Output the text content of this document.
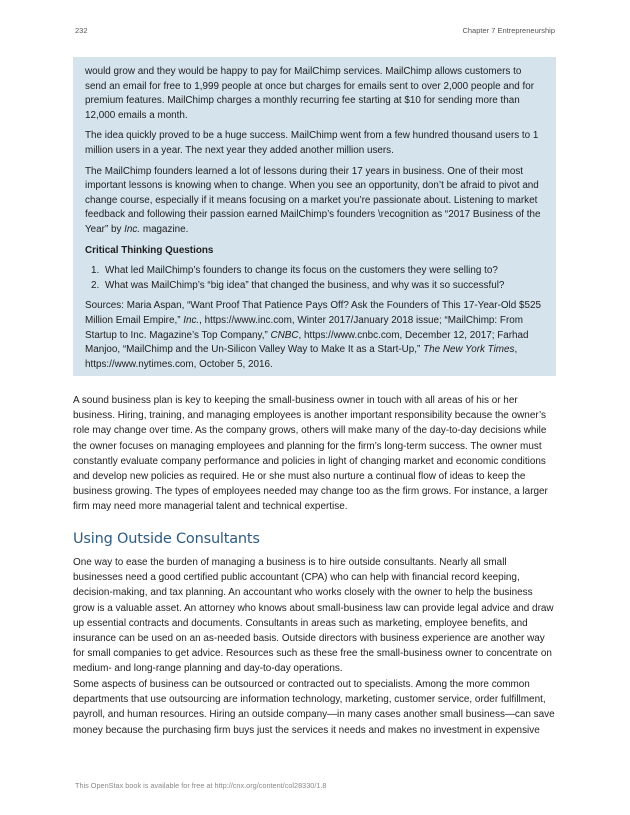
232	Chapter 7 Entrepreneurship

would grow and they would be happy to pay for MailChimp services. MailChimp allows customers to send an email for free to 1,999 people at once but charges for emails sent to over 2,000 people and for premium features. MailChimp charges a monthly recurring fee starting at $10 for sending more than 12,000 emails a month.

The idea quickly proved to be a huge success. MailChimp went from a few hundred thousand users to 1 million users in a year. The next year they added another million users.

The MailChimp founders learned a lot of lessons during their 17 years in business. One of their most important lessons is knowing when to change. When you see an opportunity, don’t be afraid to pivot and change course, especially if it means focusing on a market you’re passionate about. Listening to market feedback and following their passion earned MailChimp’s founders \recognition as “2017 Business of the Year” by Inc. magazine.

Critical Thinking Questions

1. What led MailChimp’s founders to change its focus on the customers they were selling to?
2. What was MailChimp’s “big idea” that changed the business, and why was it so successful?

Sources: Maria Aspan, “Want Proof That Patience Pays Off? Ask the Founders of This 17-Year-Old $525 Million Email Empire,” Inc., https://www.inc.com, Winter 2017/January 2018 issue; “MailChimp: From Startup to Inc. Magazine’s Top Company,” CNBC, https://www.cnbc.com, December 12, 2017; Farhad Manjoo, “MailChimp and the Un-Silicon Valley Way to Make It as a Start-Up,” The New York Times, https://www.nytimes.com, October 5, 2016.

A sound business plan is key to keeping the small-business owner in touch with all areas of his or her business. Hiring, training, and managing employees is another important responsibility because the owner’s role may change over time. As the company grows, others will make many of the day-to-day decisions while the owner focuses on managing employees and planning for the firm’s long-term success. The owner must constantly evaluate company performance and policies in light of changing market and economic conditions and develop new policies as required. He or she must also nurture a continual flow of ideas to keep the business growing. The types of employees needed may change too as the firm grows. For instance, a larger firm may need more managerial talent and technical expertise.

Using Outside Consultants

One way to ease the burden of managing a business is to hire outside consultants. Nearly all small businesses need a good certified public accountant (CPA) who can help with financial record keeping, decision-making, and tax planning. An accountant who works closely with the owner to help the business grow is a valuable asset. An attorney who knows about small-business law can provide legal advice and draw up essential contracts and documents. Consultants in areas such as marketing, employee benefits, and insurance can be used on an as-needed basis. Outside directors with business experience are another way for small companies to get advice. Resources such as these free the small-business owner to concentrate on medium- and long-range planning and day-to-day operations.

Some aspects of business can be outsourced or contracted out to specialists. Among the more common departments that use outsourcing are information technology, marketing, customer service, order fulfillment, payroll, and human resources. Hiring an outside company—in many cases another small business—can save money because the purchasing firm buys just the services it needs and makes no investment in expensive

This OpenStax book is available for free at http://cnx.org/content/col28330/1.8
